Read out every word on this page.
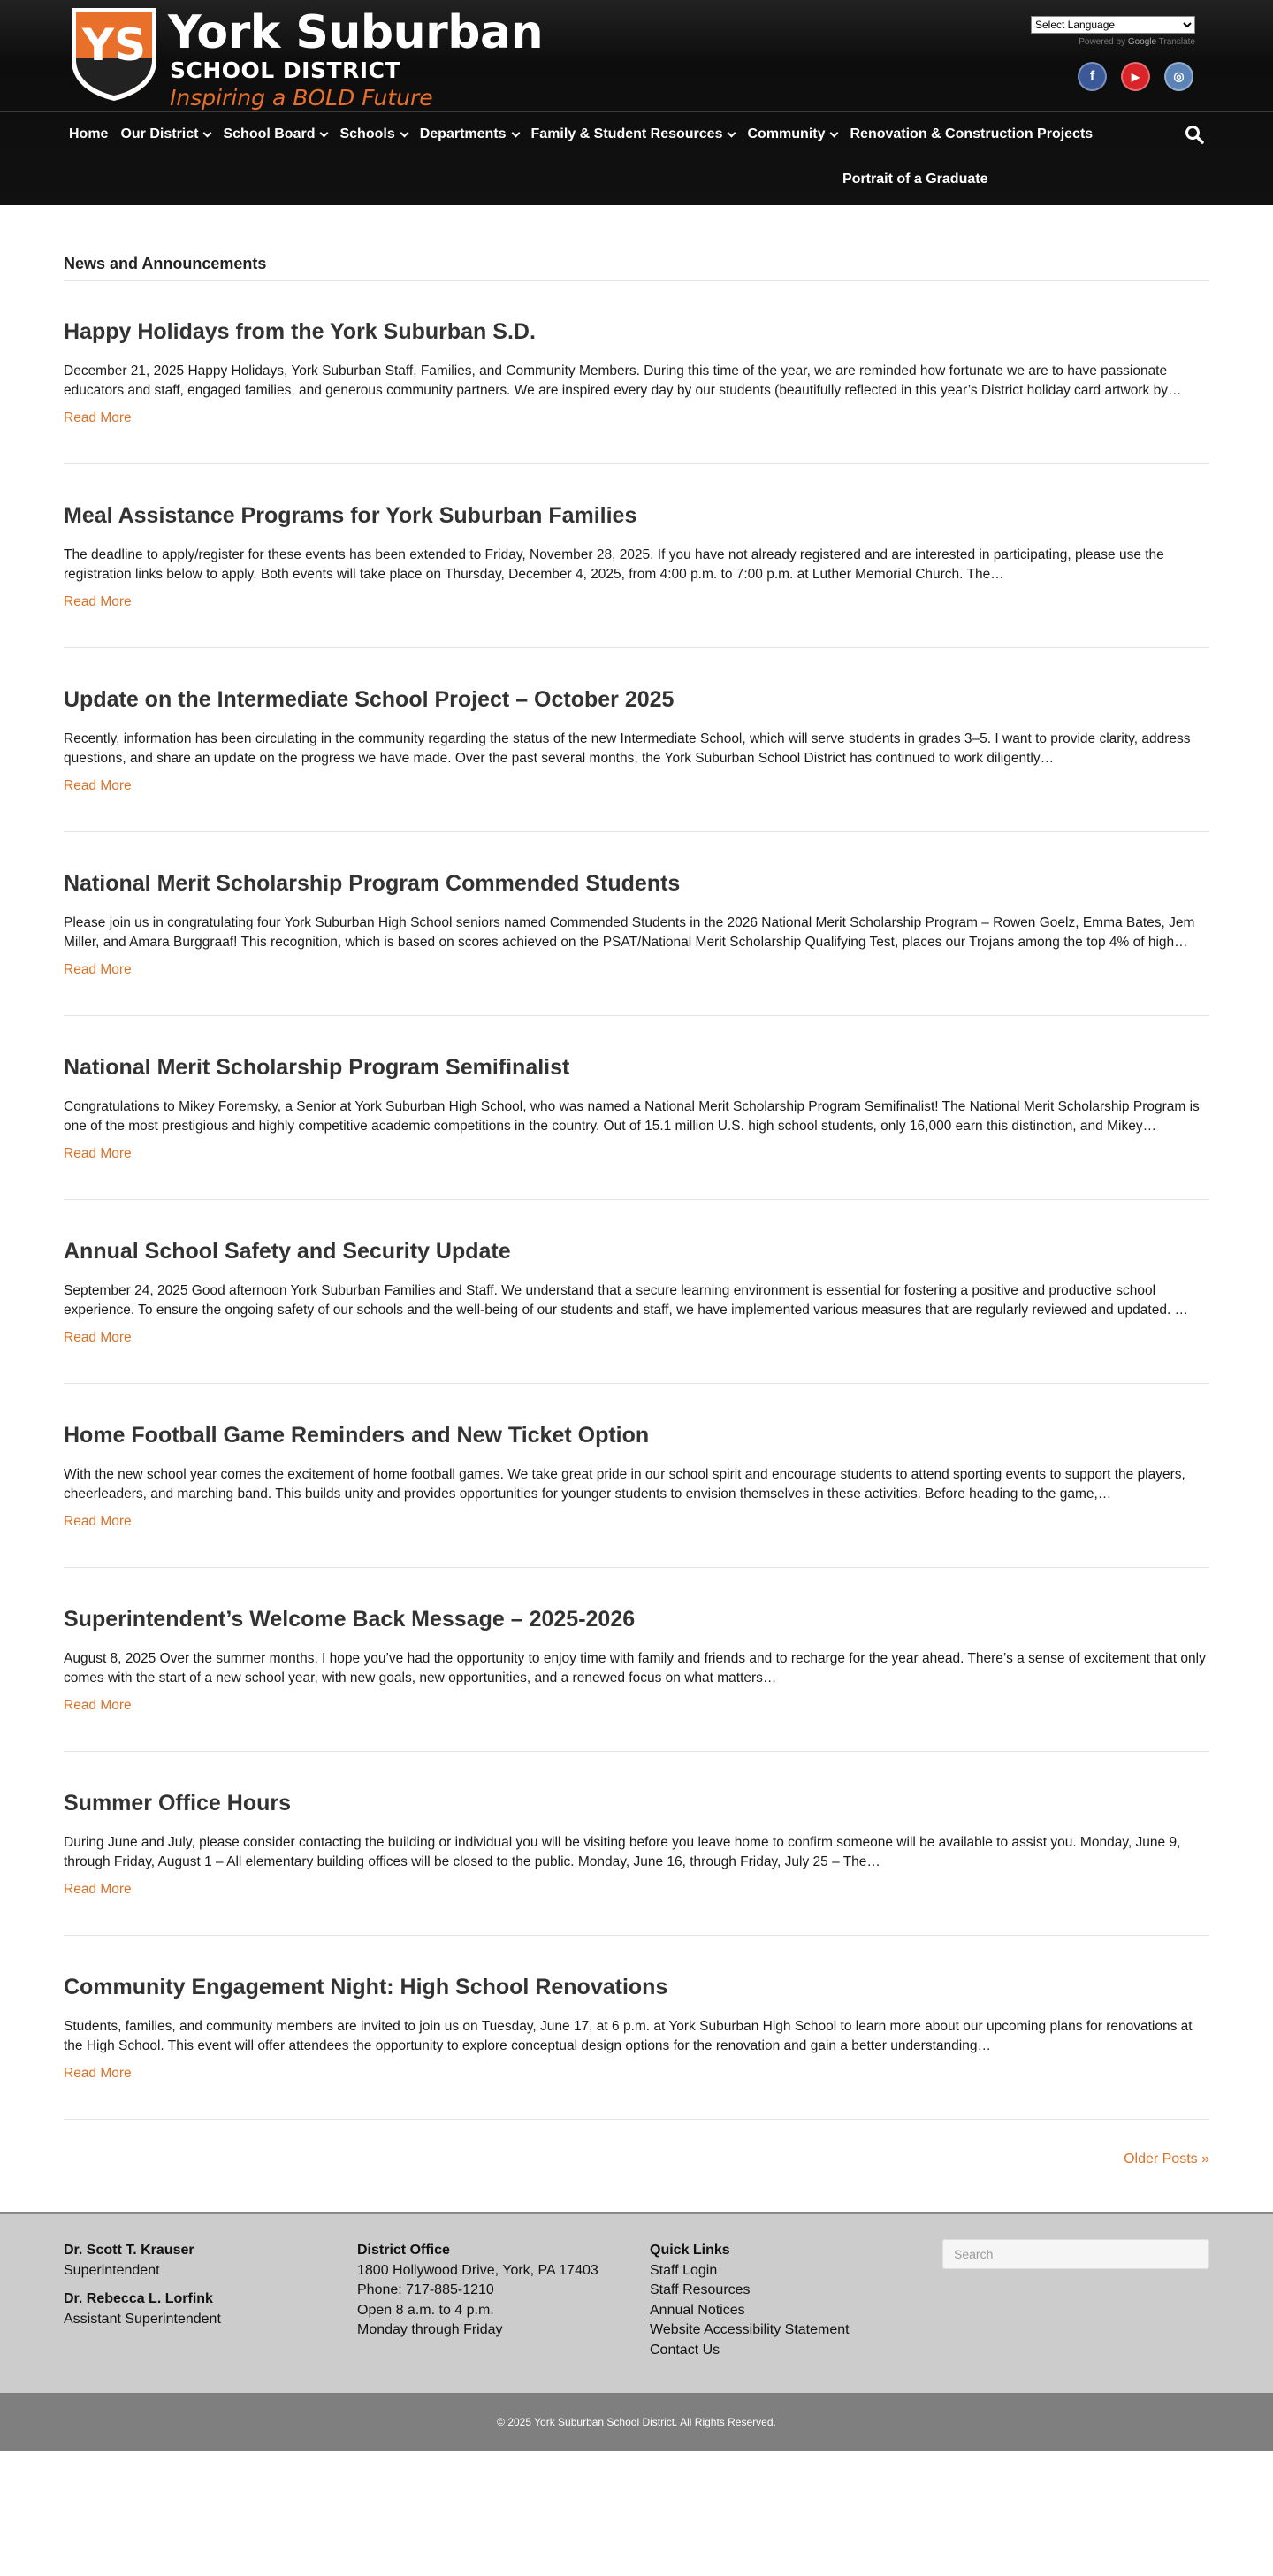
YS York Suburban
SCHOOL DISTRICT
Inspiring a BOLD Future
Select Language
Powered by Google Translate
f	▶	◎
Home Our District School Board Schools Departments Family & Student Resources Community Renovation & Construction Projects
Portrait of a Graduate
News and Announcements
Happy Holidays from the York Suburban S.D.

December 21, 2025 Happy Holidays, York Suburban Staff, Families, and Community Members. During this time of the year, we are reminded how fortunate we are to have passionate educators and staff, engaged families, and generous community partners. We are inspired every day by our students (beautifully reflected in this year’s District holiday card artwork by…

Read More
Meal Assistance Programs for York Suburban Families

The deadline to apply/register for these events has been extended to Friday, November 28, 2025. If you have not already registered and are interested in participating, please use the registration links below to apply. Both events will take place on Thursday, December 4, 2025, from 4:00 p.m. to 7:00 p.m. at Luther Memorial Church. The…

Read More
Update on the Intermediate School Project – October 2025

Recently, information has been circulating in the community regarding the status of the new Intermediate School, which will serve students in grades 3–5. I want to provide clarity, address questions, and share an update on the progress we have made. Over the past several months, the York Suburban School District has continued to work diligently…

Read More
National Merit Scholarship Program Commended Students

Please join us in congratulating four York Suburban High School seniors named Commended Students in the 2026 National Merit Scholarship Program – Rowen Goelz, Emma Bates, Jem Miller, and Amara Burggraaf! This recognition, which is based on scores achieved on the PSAT/National Merit Scholarship Qualifying Test, places our Trojans among the top 4% of high…

Read More
National Merit Scholarship Program Semifinalist

Congratulations to Mikey Foremsky, a Senior at York Suburban High School, who was named a National Merit Scholarship Program Semifinalist! The National Merit Scholarship Program is one of the most prestigious and highly competitive academic competitions in the country. Out of 15.1 million U.S. high school students, only 16,000 earn this distinction, and Mikey…

Read More
Annual School Safety and Security Update

September 24, 2025 Good afternoon York Suburban Families and Staff. We understand that a secure learning environment is essential for fostering a positive and productive school experience. To ensure the ongoing safety of our schools and the well-being of our students and staff, we have implemented various measures that are regularly reviewed and updated. …

Read More
Home Football Game Reminders and New Ticket Option

With the new school year comes the excitement of home football games. We take great pride in our school spirit and encourage students to attend sporting events to support the players, cheerleaders, and marching band. This builds unity and provides opportunities for younger students to envision themselves in these activities. Before heading to the game,…

Read More
Superintendent’s Welcome Back Message – 2025-2026

August 8, 2025 Over the summer months, I hope you’ve had the opportunity to enjoy time with family and friends and to recharge for the year ahead. There’s a sense of excitement that only comes with the start of a new school year, with new goals, new opportunities, and a renewed focus on what matters…

Read More
Summer Office Hours

During June and July, please consider contacting the building or individual you will be visiting before you leave home to confirm someone will be available to assist you. Monday, June 9, through Friday, August 1 – All elementary building offices will be closed to the public. Monday, June 16, through Friday, July 25 – The…

Read More
Community Engagement Night: High School Renovations

Students, families, and community members are invited to join us on Tuesday, June 17, at 6 p.m. at York Suburban High School to learn more about our upcoming plans for renovations at the High School. This event will offer attendees the opportunity to explore conceptual design options for the renovation and gain a better understanding…

Read More
Older Posts »
Dr. Scott T. Krauser
Superintendent
Dr. Rebecca L. Lorfink
Assistant Superintendent
District Office
1800 Hollywood Drive, York, PA 17403
Phone: 717-885-1210
Open 8 a.m. to 4 p.m.
Monday through Friday
Quick Links
Staff Login
Staff Resources
Annual Notices
Website Accessibility Statement
Contact Us
Search
© 2025 York Suburban School District. All Rights Reserved.
